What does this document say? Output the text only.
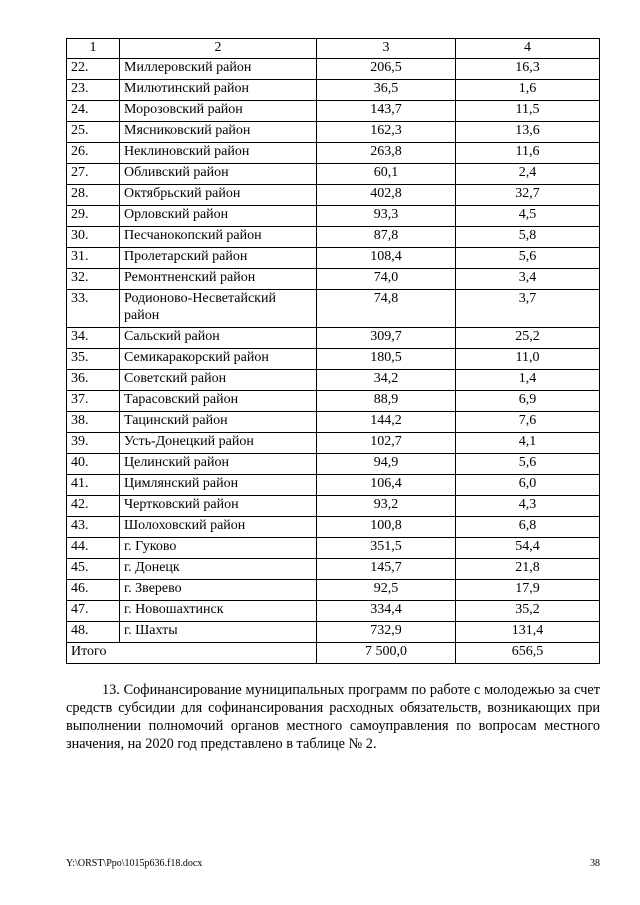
1	2	3	4
22.	Миллеровский район	206,5	16,3
23.	Милютинский район	36,5	1,6
24.	Морозовский район	143,7	11,5
25.	Мясниковский район	162,3	13,6
26.	Неклиновский район	263,8	11,6
27.	Обливский район	60,1	2,4
28.	Октябрьский район	402,8	32,7
29.	Орловский район	93,3	4,5
30.	Песчанокопский район	87,8	5,8
31.	Пролетарский район	108,4	5,6
32.	Ремонтненский район	74,0	3,4
33.	Родионово-Несветайский район	74,8	3,7
34.	Сальский район	309,7	25,2
35.	Семикаракорский район	180,5	11,0
36.	Советский район	34,2	1,4
37.	Тарасовский район	88,9	6,9
38.	Тацинский район	144,2	7,6
39.	Усть-Донецкий район	102,7	4,1
40.	Целинский район	94,9	5,6
41.	Цимлянский район	106,4	6,0
42.	Чертковский район	93,2	4,3
43.	Шолоховский район	100,8	6,8
44.	г. Гуково	351,5	54,4
45.	г. Донецк	145,7	21,8
46.	г. Зверево	92,5	17,9
47.	г. Новошахтинск	334,4	35,2
48.	г. Шахты	732,9	131,4
Итого		7 500,0	656,5
13. Софинансирование муниципальных программ по работе с молодежью за счет средств субсидии для софинансирования расходных обязательств, возникающих при выполнении полномочий органов местного самоуправления по вопросам местного значения, на 2020 год представлено в таблице № 2.
Y:\ORST\Ppo\1015p636.f18.docx	38
